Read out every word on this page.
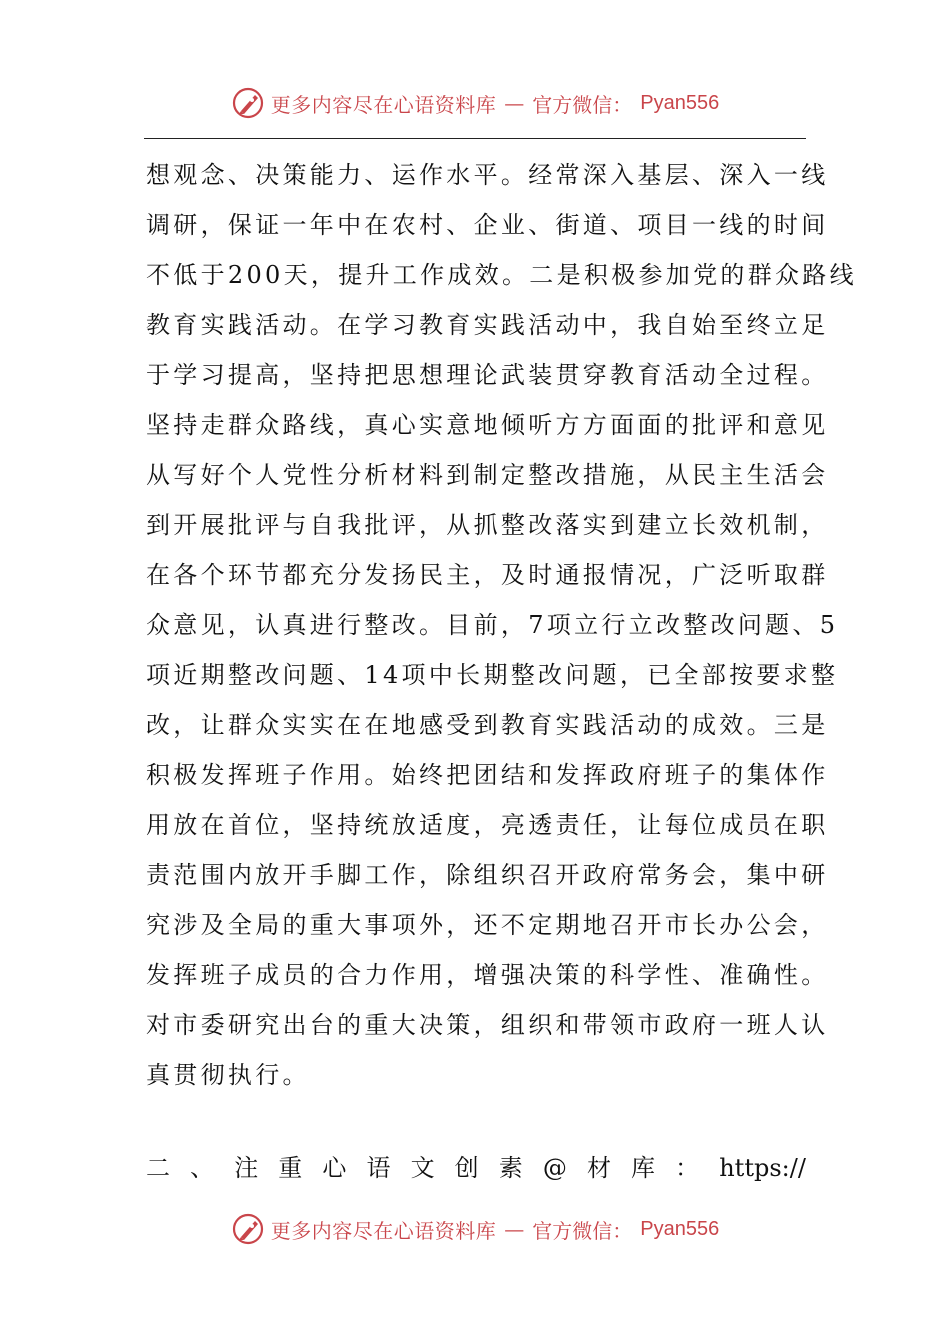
更多内容尽在心语资料库 — 官方微信： Pyan556
想观念、决策能力、运作水平。经常深入基层、深入一线
调研，保证一年中在农村、企业、街道、项目一线的时间
不低于200天，提升工作成效。二是积极参加党的群众路线
教育实践活动。在学习教育实践活动中，我自始至终立足
于学习提高，坚持把思想理论武装贯穿教育活动全过程。
坚持走群众路线，真心实意地倾听方方面面的批评和意见
从写好个人党性分析材料到制定整改措施，从民主生活会
到开展批评与自我批评，从抓整改落实到建立长效机制，
在各个环节都充分发扬民主，及时通报情况，广泛听取群
众意见，认真进行整改。目前，7项立行立改整改问题、5
项近期整改问题、14项中长期整改问题，已全部按要求整
改，让群众实实在在地感受到教育实践活动的成效。三是
积极发挥班子作用。始终把团结和发挥政府班子的集体作
用放在首位，坚持统放适度，亮透责任，让每位成员在职
责范围内放开手脚工作，除组织召开政府常务会，集中研
究涉及全局的重大事项外，还不定期地召开市长办公会，
发挥班子成员的合力作用，增强决策的科学性、准确性。
对市委研究出台的重大决策，组织和带领市政府一班人认
真贯彻执行。
二 、 注 重 心 语 文 创 素 @ 材 库 ： https://
更多内容尽在心语资料库 — 官方微信： Pyan556
